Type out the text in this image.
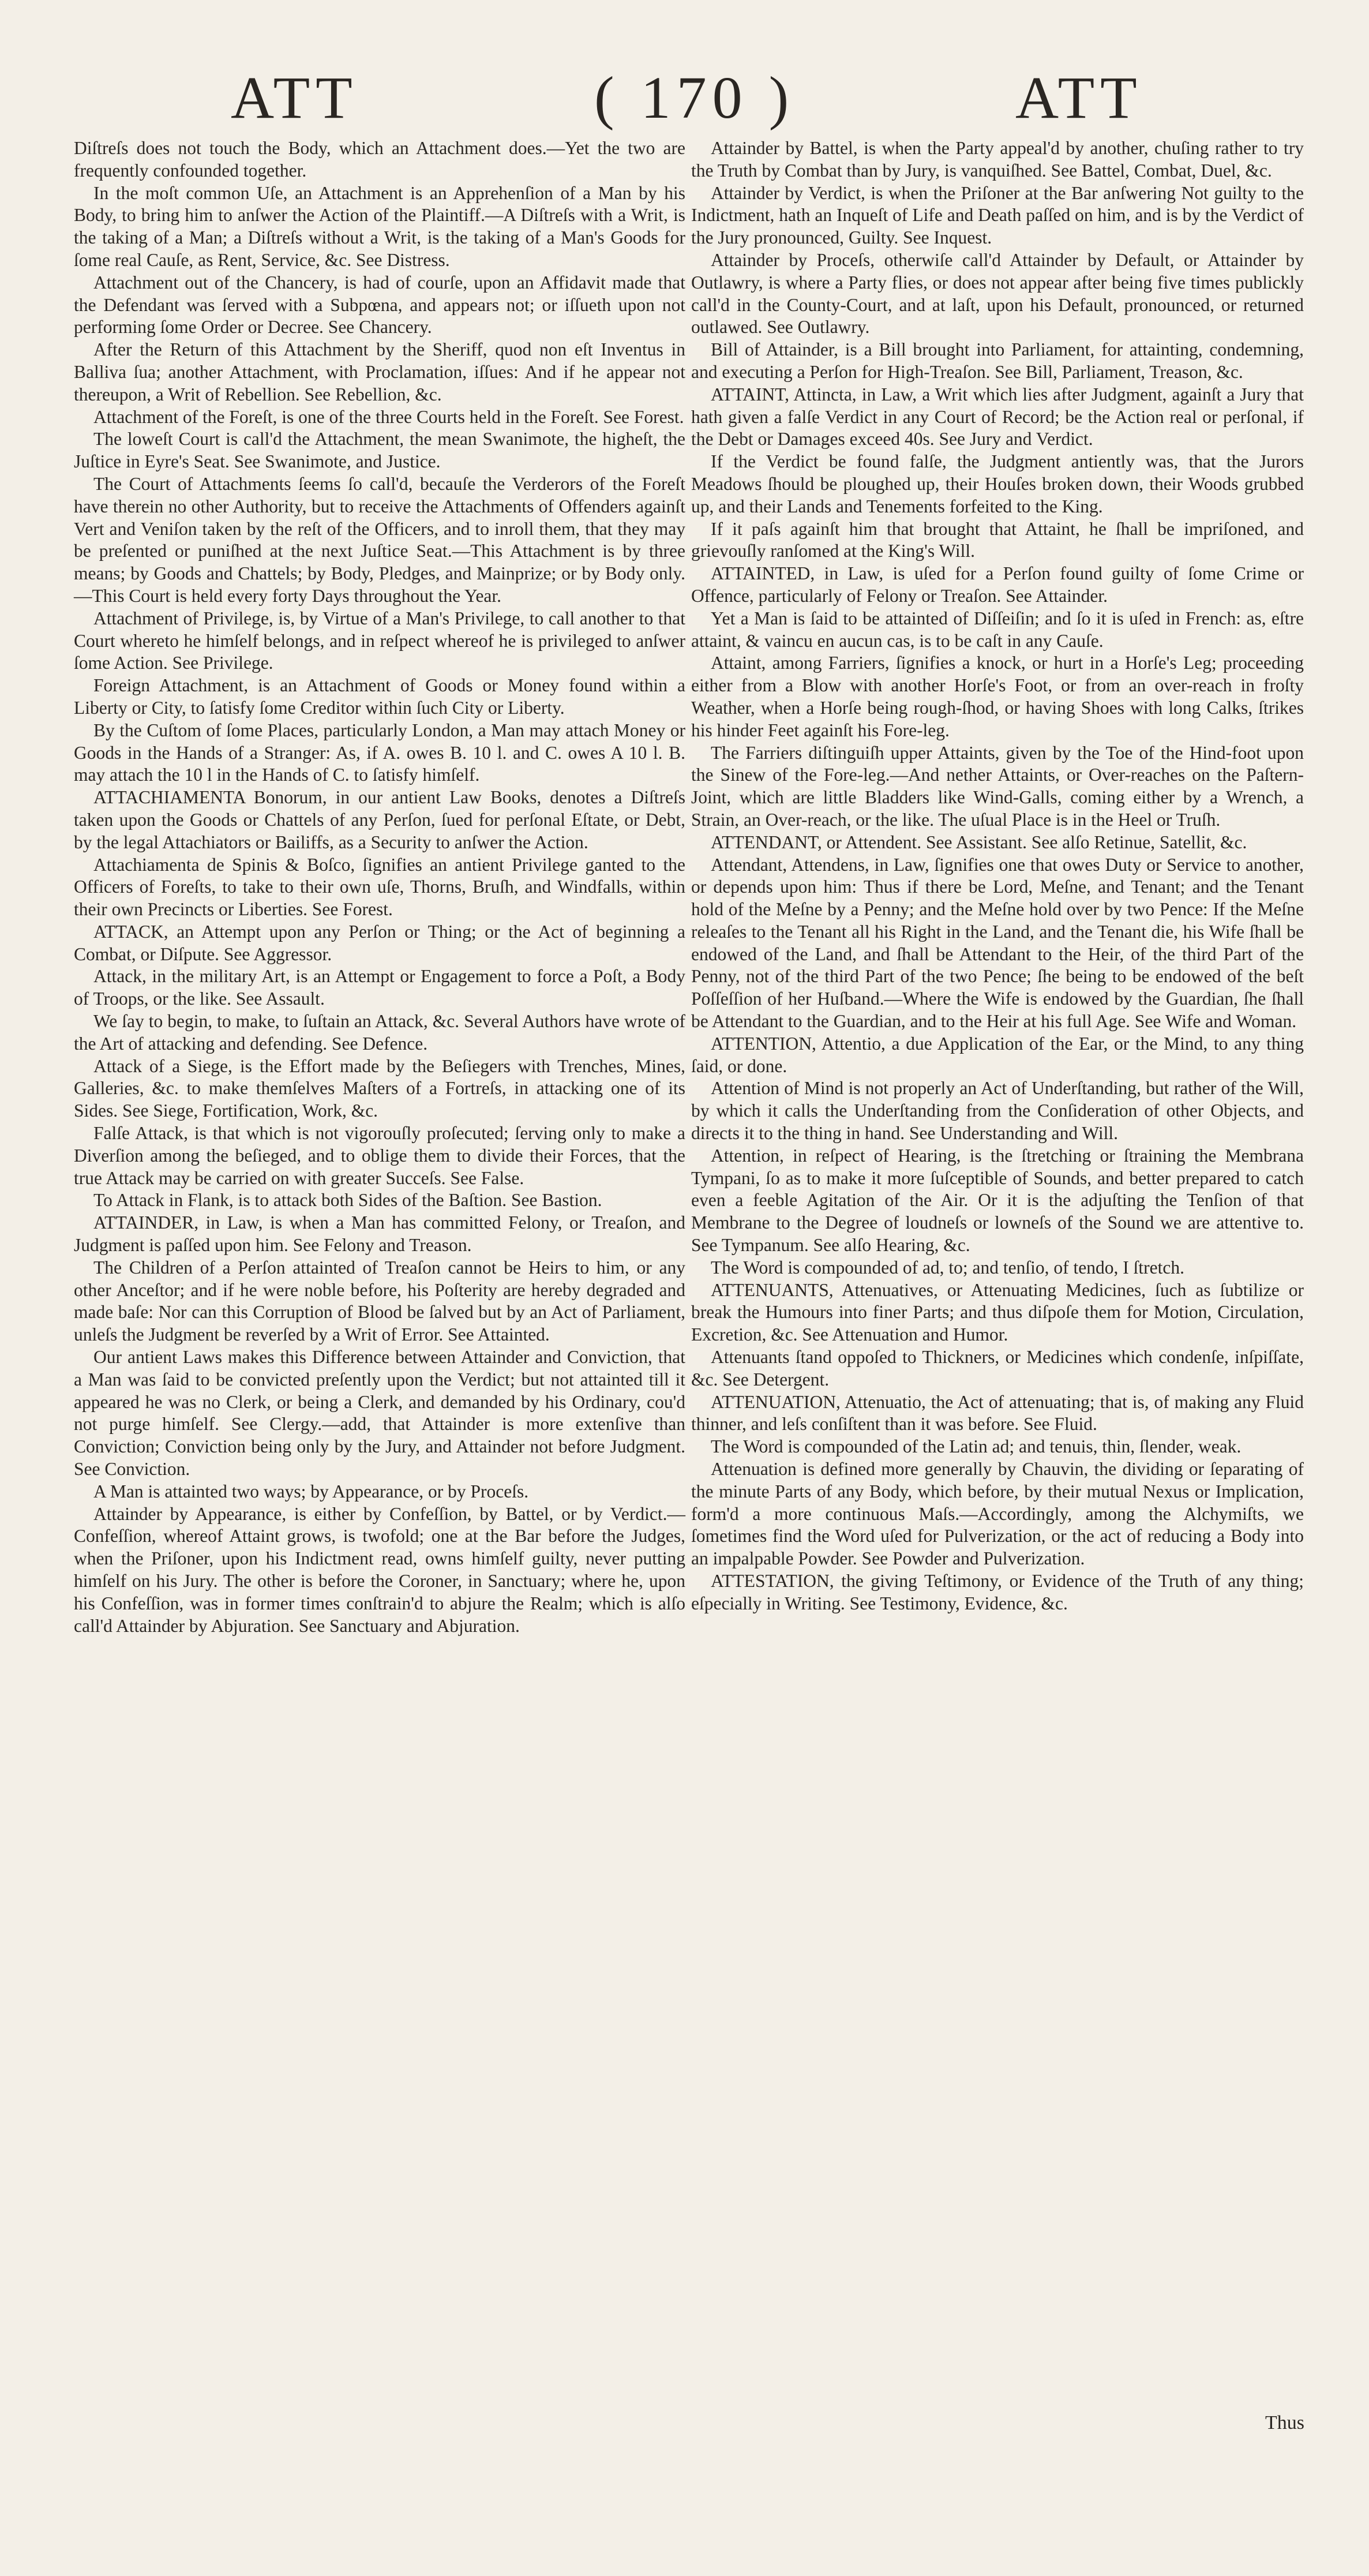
ATT	( 170 )	ATT

Diſtreſs does not touch the Body, which an Attachment does.—Yet the two are frequently confounded together.

In the moſt common Uſe, an Attachment is an Apprehenſion of a Man by his Body, to bring him to anſwer the Action of the Plaintiff.—A Diſtreſs with a Writ, is the taking of a Man; a Diſtreſs without a Writ, is the taking of a Man's Goods for ſome real Cauſe, as Rent, Service, &c. See Distress.

Attachment out of the Chancery, is had of courſe, upon an Affidavit made that the Defendant was ſerved with a Subpœna, and appears not; or iſſueth upon not performing ſome Order or Decree. See Chancery.

After the Return of this Attachment by the Sheriff, quod non eſt Inventus in Balliva ſua; another Attachment, with Proclamation, iſſues: And if he appear not thereupon, a Writ of Rebellion. See Rebellion, &c.

Attachment of the Foreſt, is one of the three Courts held in the Foreſt. See Forest.

The loweſt Court is call'd the Attachment, the mean Swanimote, the higheſt, the Juſtice in Eyre's Seat. See Swanimote, and Justice.

The Court of Attachments ſeems ſo call'd, becauſe the Verderors of the Foreſt have therein no other Authority, but to receive the Attachments of Offenders againſt Vert and Veniſon taken by the reſt of the Officers, and to inroll them, that they may be preſented or puniſhed at the next Juſtice Seat.—This Attachment is by three means; by Goods and Chattels; by Body, Pledges, and Mainprize; or by Body only.—This Court is held every forty Days throughout the Year.

Attachment of Privilege, is, by Virtue of a Man's Privilege, to call another to that Court whereto he himſelf belongs, and in reſpect whereof he is privileged to anſwer ſome Action. See Privilege.

Foreign Attachment, is an Attachment of Goods or Money found within a Liberty or City, to ſatisfy ſome Creditor within ſuch City or Liberty.

By the Cuſtom of ſome Places, particularly London, a Man may attach Money or Goods in the Hands of a Stranger: As, if A. owes B. 10 l. and C. owes A 10 l. B. may attach the 10 l in the Hands of C. to ſatisfy himſelf.

ATTACHIAMENTA Bonorum, in our antient Law Books, denotes a Diſtreſs taken upon the Goods or Chattels of any Perſon, ſued for perſonal Eſtate, or Debt, by the legal Attachiators or Bailiffs, as a Security to anſwer the Action.

Attachiamenta de Spinis & Boſco, ſignifies an antient Privilege ganted to the Officers of Foreſts, to take to their own uſe, Thorns, Bruſh, and Windfalls, within their own Precincts or Liberties. See Forest.

ATTACK, an Attempt upon any Perſon or Thing; or the Act of beginning a Combat, or Diſpute. See Aggressor.

Attack, in the military Art, is an Attempt or Engagement to force a Poſt, a Body of Troops, or the like. See Assault.

We ſay to begin, to make, to ſuſtain an Attack, &c. Several Authors have wrote of the Art of attacking and defending. See Defence.

Attack of a Siege, is the Effort made by the Beſiegers with Trenches, Mines, Galleries, &c. to make themſelves Maſters of a Fortreſs, in attacking one of its Sides. See Siege, Fortification, Work, &c.

Falſe Attack, is that which is not vigorouſly proſecuted; ſerving only to make a Diverſion among the beſieged, and to oblige them to divide their Forces, that the true Attack may be carried on with greater Succeſs. See False.

To Attack in Flank, is to attack both Sides of the Baſtion. See Bastion.

ATTAINDER, in Law, is when a Man has committed Felony, or Treaſon, and Judgment is paſſed upon him. See Felony and Treason.

The Children of a Perſon attainted of Treaſon cannot be Heirs to him, or any other Anceſtor; and if he were noble before, his Poſterity are hereby degraded and made baſe: Nor can this Corruption of Blood be ſalved but by an Act of Parliament, unleſs the Judgment be reverſed by a Writ of Error. See Attainted.

Our antient Laws makes this Difference between Attainder and Conviction, that a Man was ſaid to be convicted preſently upon the Verdict; but not attainted till it appeared he was no Clerk, or being a Clerk, and demanded by his Ordinary, cou'd not purge himſelf. See Clergy.—add, that Attainder is more extenſive than Conviction; Conviction being only by the Jury, and Attainder not before Judgment. See Conviction.

A Man is attainted two ways; by Appearance, or by Proceſs.

Attainder by Appearance, is either by Confeſſion, by Battel, or by Verdict.—Confeſſion, whereof Attaint grows, is twofold; one at the Bar before the Judges, when the Priſoner, upon his Indictment read, owns himſelf guilty, never putting himſelf on his Jury. The other is before the Coroner, in Sanctuary; where he, upon his Confeſſion, was in former times conſtrain'd to abjure the Realm; which is alſo call'd Attainder by Abjuration. See Sanctuary and Abjuration.

Attainder by Battel, is when the Party appeal'd by another, chuſing rather to try the Truth by Combat than by Jury, is vanquiſhed. See Battel, Combat, Duel, &c.

Attainder by Verdict, is when the Priſoner at the Bar anſwering Not guilty to the Indictment, hath an Inqueſt of Life and Death paſſed on him, and is by the Verdict of the Jury pronounced, Guilty. See Inquest.

Attainder by Proceſs, otherwiſe call'd Attainder by Default, or Attainder by Outlawry, is where a Party flies, or does not appear after being five times publickly call'd in the County-Court, and at laſt, upon his Default, pronounced, or returned outlawed. See Outlawry.

Bill of Attainder, is a Bill brought into Parliament, for attainting, condemning, and executing a Perſon for High-Treaſon. See Bill, Parliament, Treason, &c.

ATTAINT, Attincta, in Law, a Writ which lies after Judgment, againſt a Jury that hath given a falſe Verdict in any Court of Record; be the Action real or perſonal, if the Debt or Damages exceed 40s. See Jury and Verdict.

If the Verdict be found falſe, the Judgment antiently was, that the Jurors Meadows ſhould be ploughed up, their Houſes broken down, their Woods grubbed up, and their Lands and Tenements forfeited to the King.

If it paſs againſt him that brought that Attaint, he ſhall be impriſoned, and grievouſly ranſomed at the King's Will.

ATTAINTED, in Law, is uſed for a Perſon found guilty of ſome Crime or Offence, particularly of Felony or Treaſon. See Attainder.

Yet a Man is ſaid to be attainted of Diſſeiſin; and ſo it is uſed in French: as, eſtre attaint, & vaincu en aucun cas, is to be caſt in any Cauſe.

Attaint, among Farriers, ſignifies a knock, or hurt in a Horſe's Leg; proceeding either from a Blow with another Horſe's Foot, or from an over-reach in froſty Weather, when a Horſe being rough-ſhod, or having Shoes with long Calks, ſtrikes his hinder Feet againſt his Fore-leg.

The Farriers diſtinguiſh upper Attaints, given by the Toe of the Hind-foot upon the Sinew of the Fore-leg.—And nether Attaints, or Over-reaches on the Paſtern-Joint, which are little Bladders like Wind-Galls, coming either by a Wrench, a Strain, an Over-reach, or the like. The uſual Place is in the Heel or Truſh.

ATTENDANT, or Attendent. See Assistant. See alſo Retinue, Satellit, &c.

Attendant, Attendens, in Law, ſignifies one that owes Duty or Service to another, or depends upon him: Thus if there be Lord, Meſne, and Tenant; and the Tenant hold of the Meſne by a Penny; and the Meſne hold over by two Pence: If the Meſne releaſes to the Tenant all his Right in the Land, and the Tenant die, his Wife ſhall be endowed of the Land, and ſhall be Attendant to the Heir, of the third Part of the Penny, not of the third Part of the two Pence; ſhe being to be endowed of the beſt Poſſeſſion of her Huſband.—Where the Wife is endowed by the Guardian, ſhe ſhall be Attendant to the Guardian, and to the Heir at his full Age. See Wife and Woman.

ATTENTION, Attentio, a due Application of the Ear, or the Mind, to any thing ſaid, or done.

Attention of Mind is not properly an Act of Underſtanding, but rather of the Will, by which it calls the Underſtanding from the Conſideration of other Objects, and directs it to the thing in hand. See Understanding and Will.

Attention, in reſpect of Hearing, is the ſtretching or ſtraining the Membrana Tympani, ſo as to make it more ſuſceptible of Sounds, and better prepared to catch even a feeble Agitation of the Air. Or it is the adjuſting the Tenſion of that Membrane to the Degree of loudneſs or lowneſs of the Sound we are attentive to. See Tympanum. See alſo Hearing, &c.

The Word is compounded of ad, to; and tenſio, of tendo, I ſtretch.

ATTENUANTS, Attenuatives, or Attenuating Medicines, ſuch as ſubtilize or break the Humours into finer Parts; and thus diſpoſe them for Motion, Circulation, Excretion, &c. See Attenuation and Humor.

Attenuants ſtand oppoſed to Thickners, or Medicines which condenſe, inſpiſſate, &c. See Detergent.

ATTENUATION, Attenuatio, the Act of attenuating; that is, of making any Fluid thinner, and leſs conſiſtent than it was before. See Fluid.

The Word is compounded of the Latin ad; and tenuis, thin, ſlender, weak.

Attenuation is defined more generally by Chauvin, the dividing or ſeparating of the minute Parts of any Body, which before, by their mutual Nexus or Implication, form'd a more continuous Maſs.—Accordingly, among the Alchymiſts, we ſometimes find the Word uſed for Pulverization, or the act of reducing a Body into an impalpable Powder. See Powder and Pulverization.

ATTESTATION, the giving Teſtimony, or Evidence of the Truth of any thing; eſpecially in Writing. See Testimony, Evidence, &c.

Thus
